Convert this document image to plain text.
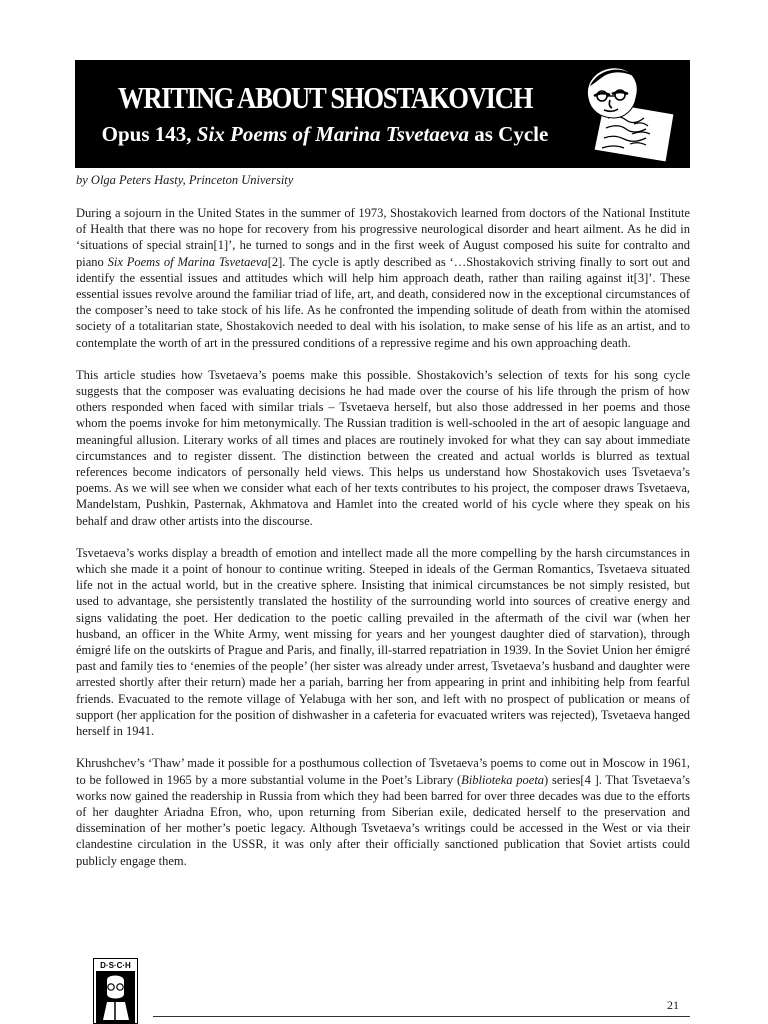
WRITING ABOUT SHOSTAKOVICH
Opus 143, Six Poems of Marina Tsvetaeva as Cycle
by Olga Peters Hasty, Princeton University

During a sojourn in the United States in the summer of 1973, Shostakovich learned from doctors of the National Institute of Health that there was no hope for recovery from his progressive neurological disorder and heart ailment. As he did in ‘situations of special strain[1]’, he turned to songs and in the first week of August composed his suite for contralto and piano Six Poems of Marina Tsvetaeva[2]. The cycle is aptly described as ‘…Shostakovich striving finally to sort out and identify the essential issues and attitudes which will help him approach death, rather than railing against it[3]’. These essential issues revolve around the familiar triad of life, art, and death, considered now in the exceptional circumstances of the composer’s need to take stock of his life. As he confronted the impending solitude of death from within the atomised society of a totalitarian state, Shostakovich needed to deal with his isolation, to make sense of his life as an artist, and to contemplate the worth of art in the pressured conditions of a repressive regime and his own approaching death.

This article studies how Tsvetaeva’s poems make this possible. Shostakovich’s selection of texts for his song cycle suggests that the composer was evaluating decisions he had made over the course of his life through the prism of how others responded when faced with similar trials – Tsvetaeva herself, but also those addressed in her poems and those whom the poems invoke for him metonymically. The Russian tradition is well-schooled in the art of aesopic language and meaningful allusion. Literary works of all times and places are routinely invoked for what they can say about immediate circumstances and to register dissent. The distinction between the created and actual worlds is blurred as textual references become indicators of personally held views. This helps us understand how Shostakovich uses Tsvetaeva’s poems. As we will see when we consider what each of her texts contributes to his project, the composer draws Tsvetaeva, Mandelstam, Pushkin, Pasternak, Akhmatova and Hamlet into the created world of his cycle where they speak on his behalf and draw other artists into the discourse.

Tsvetaeva’s works display a breadth of emotion and intellect made all the more compelling by the harsh circumstances in which she made it a point of honour to continue writing. Steeped in ideals of the German Romantics, Tsvetaeva situated life not in the actual world, but in the creative sphere. Insisting that inimical circumstances be not simply resisted, but used to advantage, she persistently translated the hostility of the surrounding world into sources of creative energy and signs validating the poet. Her dedication to the poetic calling prevailed in the aftermath of the civil war (when her husband, an officer in the White Army, went missing for years and her youngest daughter died of starvation), through émigré life on the outskirts of Prague and Paris, and finally, ill-starred repatriation in 1939. In the Soviet Union her émigré past and family ties to ‘enemies of the people’ (her sister was already under arrest, Tsvetaeva’s husband and daughter were arrested shortly after their return) made her a pariah, barring her from appearing in print and inhibiting help from fearful friends. Evacuated to the remote village of Yelabuga with her son, and left with no prospect of publication or means of support (her application for the position of dishwasher in a cafeteria for evacuated writers was rejected), Tsvetaeva hanged herself in 1941.

Khrushchev’s ‘Thaw’ made it possible for a posthumous collection of Tsvetaeva’s poems to come out in Moscow in 1961, to be followed in 1965 by a more substantial volume in the Poet’s Library (Biblioteka poeta) series[4 ]. That Tsvetaeva’s works now gained the readership in Russia from which they had been barred for over three decades was due to the efforts of her daughter Ariadna Efron, who, upon returning from Siberian exile, dedicated herself to the preservation and dissemination of her mother’s poetic legacy. Although Tsvetaeva’s writings could be accessed in the West or via their clandestine circulation in the USSR, it was only after their officially sanctioned publication that Soviet artists could publicly engage them.

D·S·C·H
21
